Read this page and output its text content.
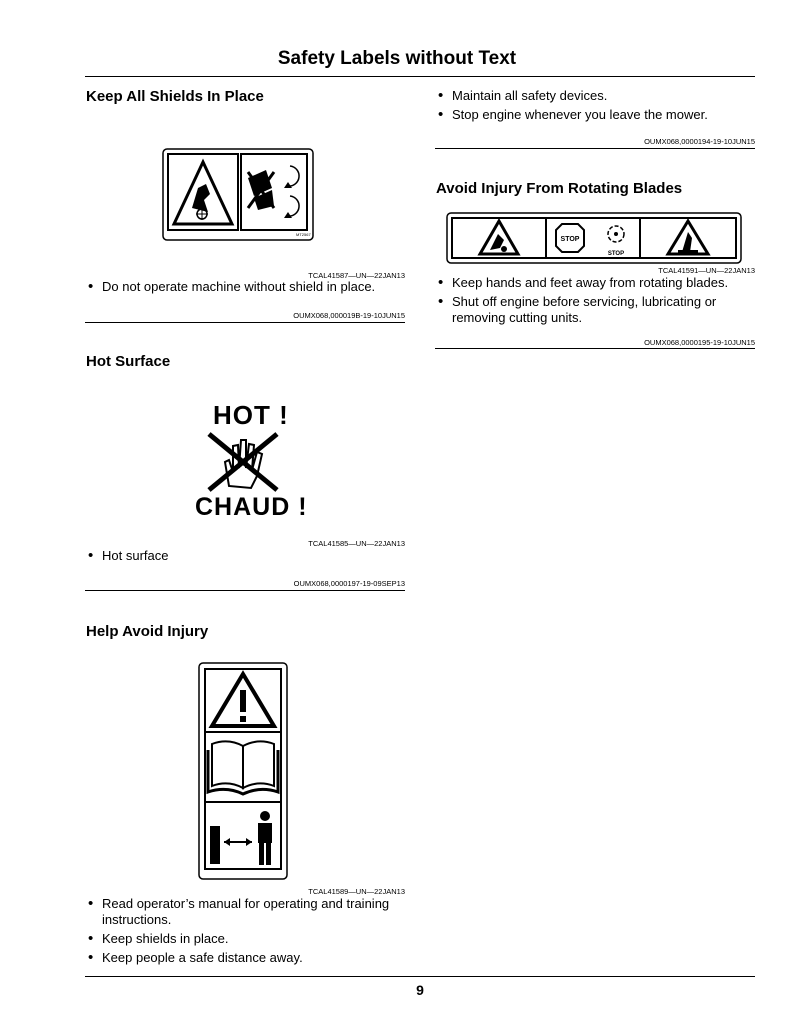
Safety Labels without Text
Keep All Shields In Place
MT2567
TCAL41587—UN—22JAN13
• Do not operate machine without shield in place.
OUMX068,000019B-19-10JUN15
Hot Surface
HOT !
CHAUD !
TCAL41585—UN—22JAN13
• Hot surface
OUMX068,0000197-19-09SEP13
Help Avoid Injury
TCAL41589—UN—22JAN13
• Read operator’s manual for operating and training instructions.
• Keep shields in place.
• Keep people a safe distance away.
• Maintain all safety devices.
• Stop engine whenever you leave the mower.
OUMX068,0000194-19-10JUN15
Avoid Injury From Rotating Blades
STOP
STOP
TCAL41591—UN—22JAN13
• Keep hands and feet away from rotating blades.
• Shut off engine before servicing, lubricating or removing cutting units.
OUMX068,0000195-19-10JUN15
9
